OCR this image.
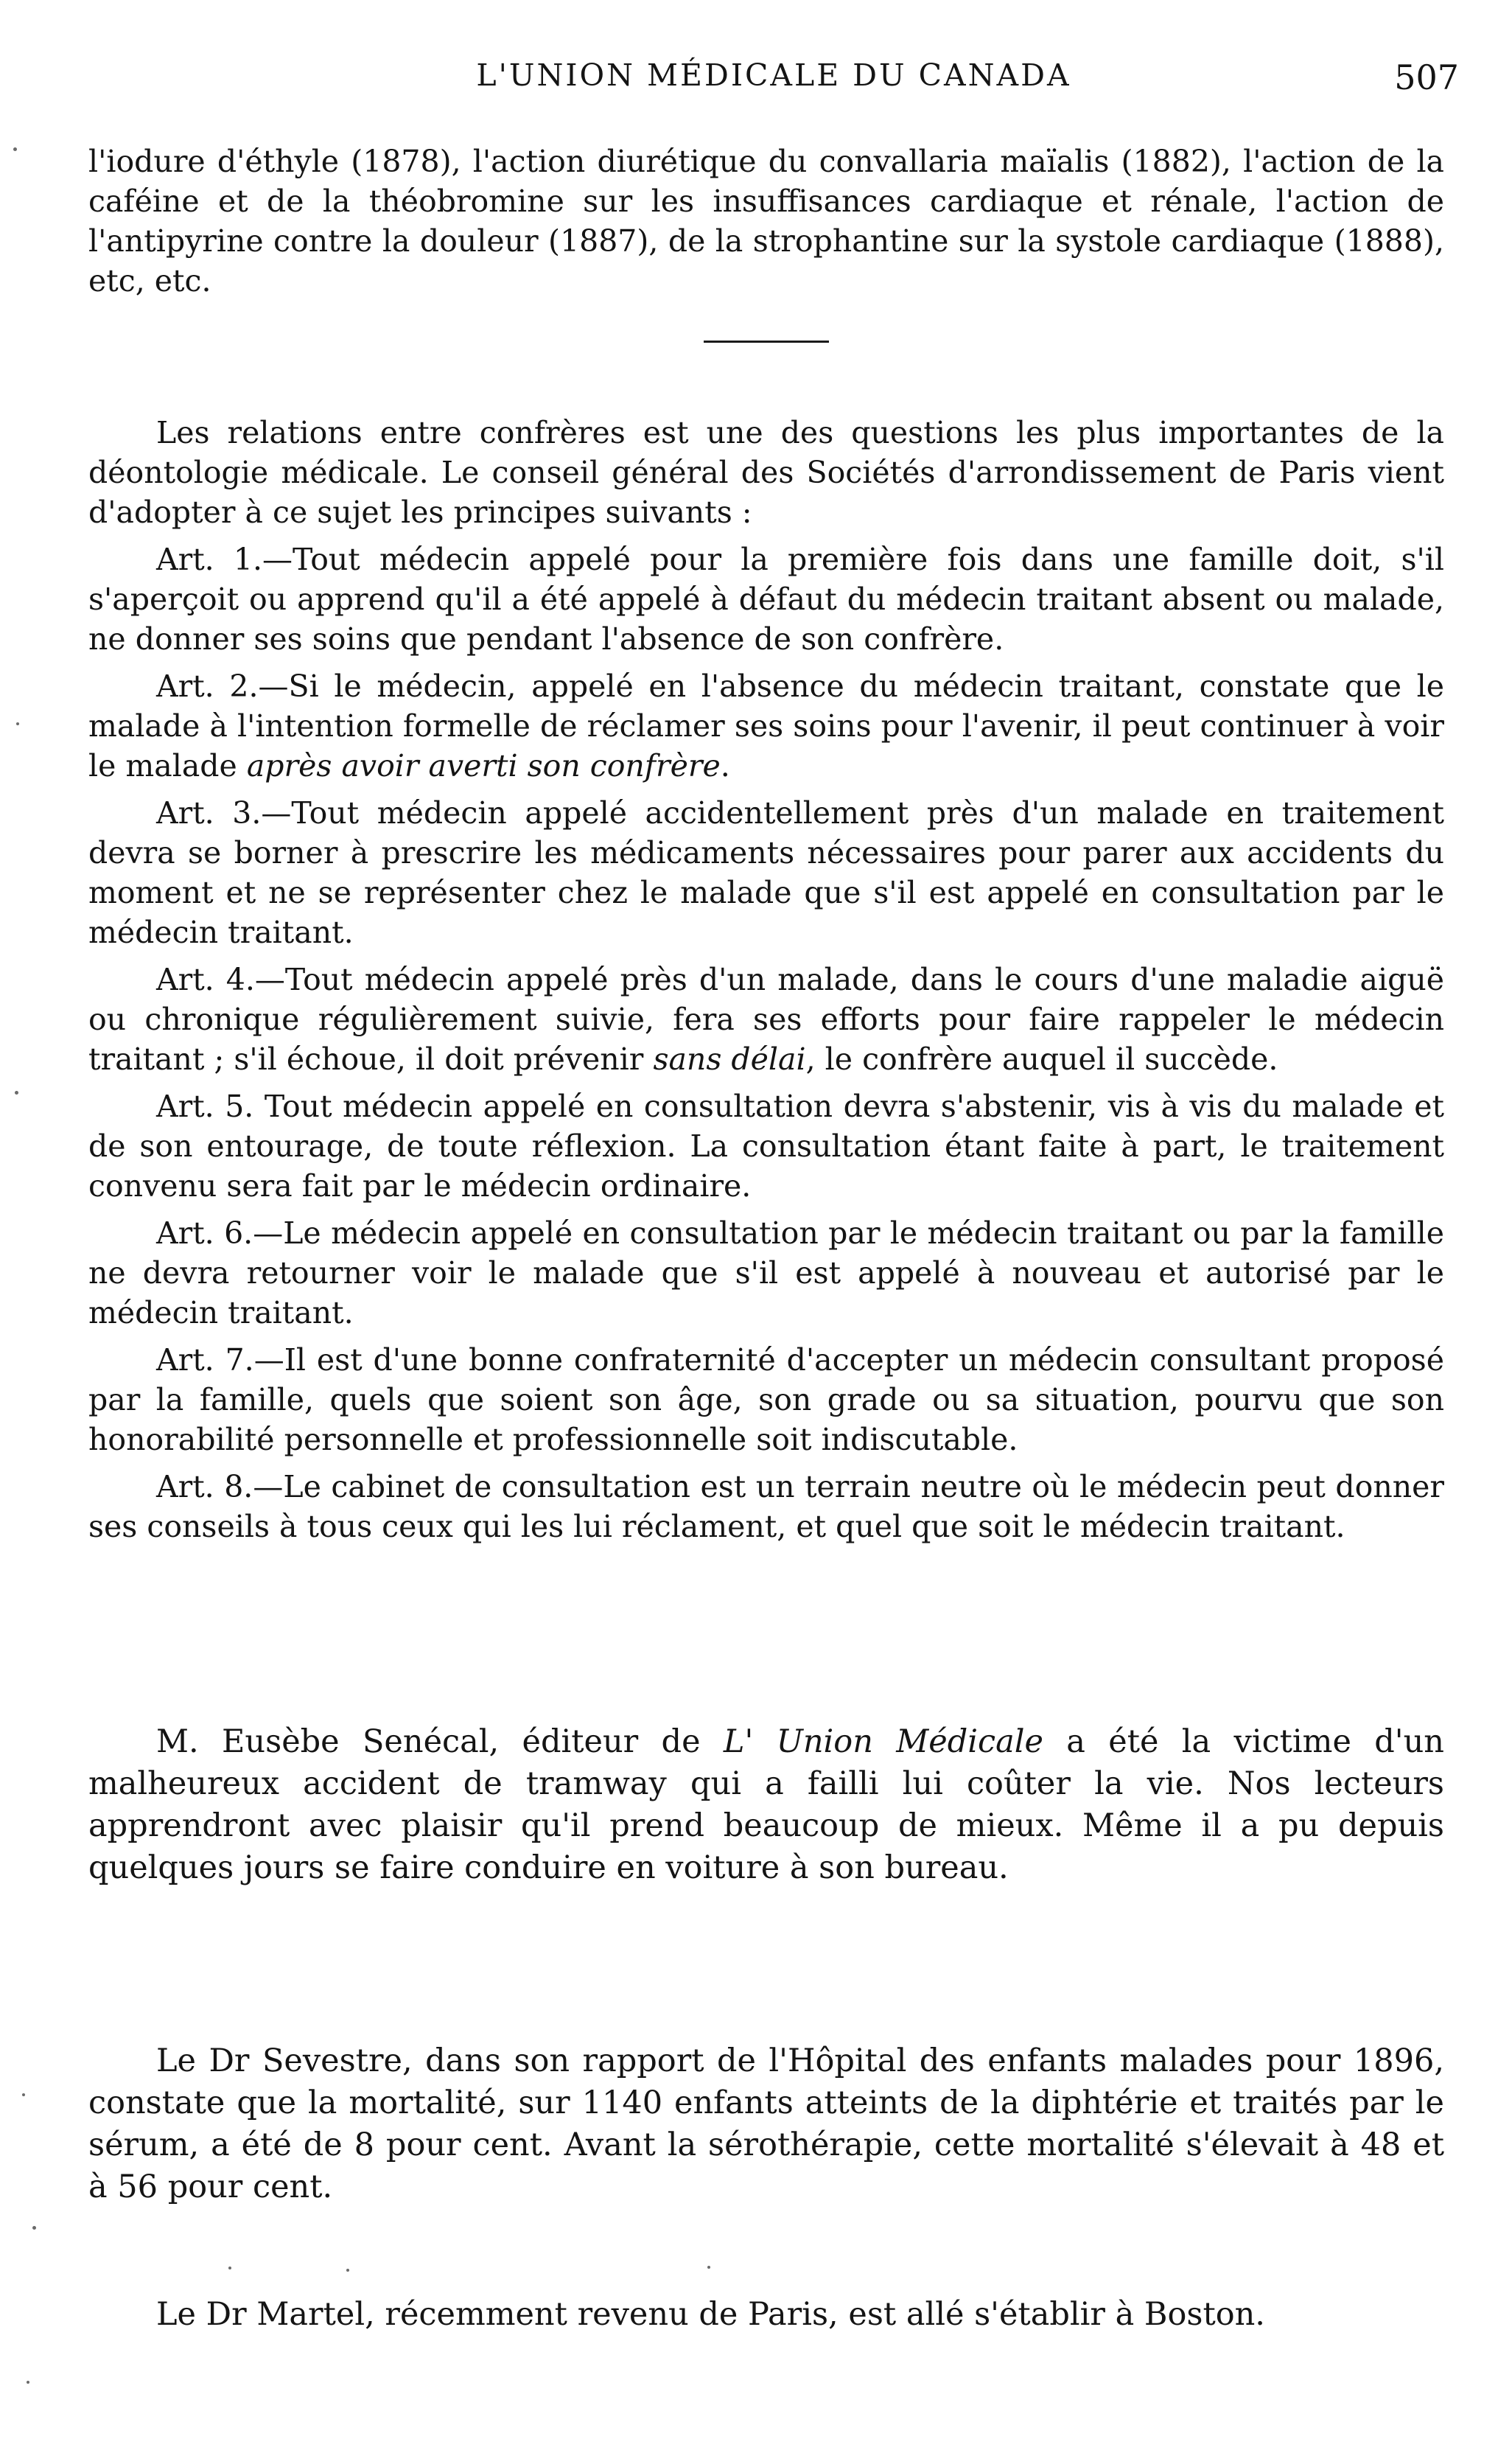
L'UNION MÉDICALE DU CANADA	507

l'iodure d'éthyle (1878), l'action diurétique du convallaria maïalis (1882), l'action de la caféine et de la théobromine sur les insuffisances cardiaque et rénale, l'action de l'antipyrine contre la douleur (1887), de la strophantine sur la systole cardiaque (1888), etc, etc.

Les relations entre confrères est une des questions les plus importantes de la déontologie médicale. Le conseil général des Sociétés d'arrondissement de Paris vient d'adopter à ce sujet les principes suivants :

Art. 1.—Tout médecin appelé pour la première fois dans une famille doit, s'il s'aperçoit ou apprend qu'il a été appelé à défaut du médecin traitant absent ou malade, ne donner ses soins que pendant l'absence de son confrère.

Art. 2.—Si le médecin, appelé en l'absence du médecin traitant, constate que le malade à l'intention formelle de réclamer ses soins pour l'avenir, il peut continuer à voir le malade après avoir averti son confrère.

Art. 3.—Tout médecin appelé accidentellement près d'un malade en traitement devra se borner à prescrire les médicaments nécessaires pour parer aux accidents du moment et ne se représenter chez le malade que s'il est appelé en consultation par le médecin traitant.

Art. 4.—Tout médecin appelé près d'un malade, dans le cours d'une maladie aiguë ou chronique régulièrement suivie, fera ses efforts pour faire rappeler le médecin traitant ; s'il échoue, il doit prévenir sans délai, le confrère auquel il succède.

Art. 5. Tout médecin appelé en consultation devra s'abstenir, vis à vis du malade et de son entourage, de toute réflexion. La consultation étant faite à part, le traitement convenu sera fait par le médecin ordinaire.

Art. 6.—Le médecin appelé en consultation par le médecin traitant ou par la famille ne devra retourner voir le malade que s'il est appelé à nouveau et autorisé par le médecin traitant.

Art. 7.—Il est d'une bonne confraternité d'accepter un médecin consultant proposé par la famille, quels que soient son âge, son grade ou sa situation, pourvu que son honorabilité personnelle et professionnelle soit indiscutable.

Art. 8.—Le cabinet de consultation est un terrain neutre où le médecin peut donner ses conseils à tous ceux qui les lui réclament, et quel que soit le médecin traitant.

M. Eusèbe Senécal, éditeur de L' Union Médicale a été la victime d'un malheureux accident de tramway qui a failli lui coûter la vie. Nos lecteurs apprendront avec plaisir qu'il prend beaucoup de mieux. Même il a pu depuis quelques jours se faire conduire en voiture à son bureau.

Le Dr Sevestre, dans son rapport de l'Hôpital des enfants malades pour 1896, constate que la mortalité, sur 1140 enfants atteints de la diphtérie et traités par le sérum, a été de 8 pour cent. Avant la sérothérapie, cette mortalité s'élevait à 48 et à 56 pour cent.

Le Dr Martel, récemment revenu de Paris, est allé s'établir à Boston.
